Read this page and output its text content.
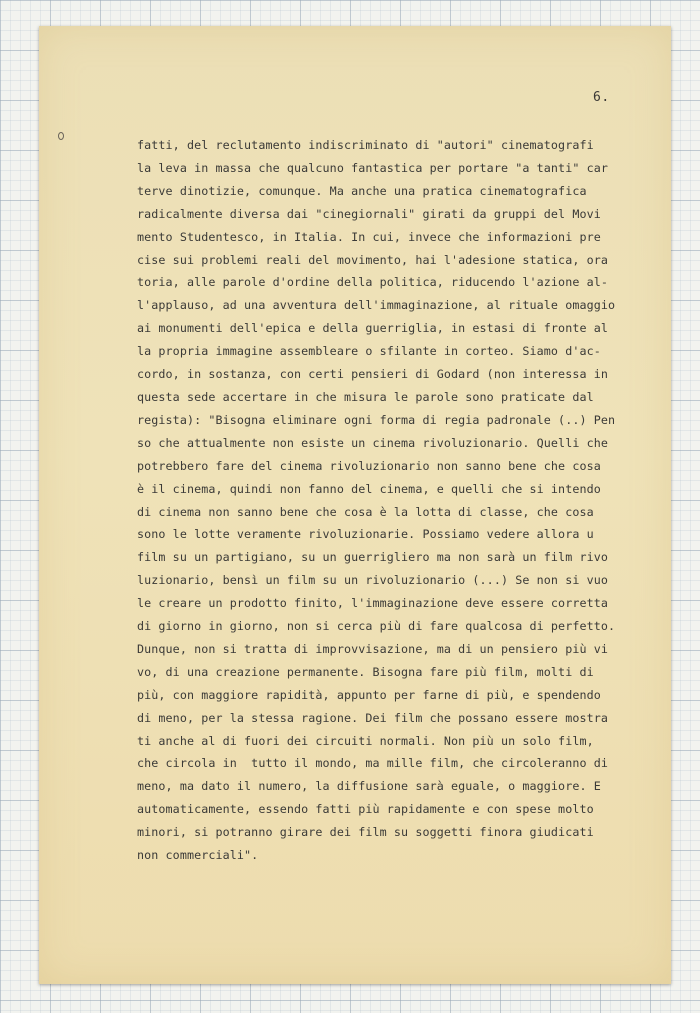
6.

fatti, del reclutamento indiscriminato di "autori" cinematografi
la leva in massa che qualcuno fantastica per portare "a tanti" car
terve dinotizie, comunque. Ma anche una pratica cinematografica
radicalmente diversa dai "cinegiornali" girati da gruppi del Movi
mento Studentesco, in Italia. In cui, invece che informazioni pre
cise sui problemi reali del movimento, hai l'adesione statica, ora
toria, alle parole d'ordine della politica, riducendo l'azione al-
l'applauso, ad una avventura dell'immaginazione, al rituale omaggio
ai monumenti dell'epica e della guerriglia, in estasi di fronte al
la propria immagine assembleare o sfilante in corteo. Siamo d'ac-
cordo, in sostanza, con certi pensieri di Godard (non interessa in
questa sede accertare in che misura le parole sono praticate dal
regista): "Bisogna eliminare ogni forma di regia padronale (..) Pen
so che attualmente non esiste un cinema rivoluzionario. Quelli che
potrebbero fare del cinema rivoluzionario non sanno bene che cosa
è il cinema, quindi non fanno del cinema, e quelli che si intendo
di cinema non sanno bene che cosa è la lotta di classe, che cosa
sono le lotte veramente rivoluzionarie. Possiamo vedere allora u
film su un partigiano, su un guerrigliero ma non sarà un film rivo
luzionario, bensì un film su un rivoluzionario (...) Se non si vuo
le creare un prodotto finito, l'immaginazione deve essere corretta
di giorno in giorno, non si cerca più di fare qualcosa di perfetto.
Dunque, non si tratta di improvvisazione, ma di un pensiero più vi
vo, di una creazione permanente. Bisogna fare più film, molti di
più, con maggiore rapidità, appunto per farne di più, e spendendo
di meno, per la stessa ragione. Dei film che possano essere mostra
ti anche al di fuori dei circuiti normali. Non più un solo film,
che circola in  tutto il mondo, ma mille film, che circoleranno di
meno, ma dato il numero, la diffusione sarà eguale, o maggiore. E
automaticamente, essendo fatti più rapidamente e con spese molto
minori, si potranno girare dei film su soggetti finora giudicati
non commerciali".
